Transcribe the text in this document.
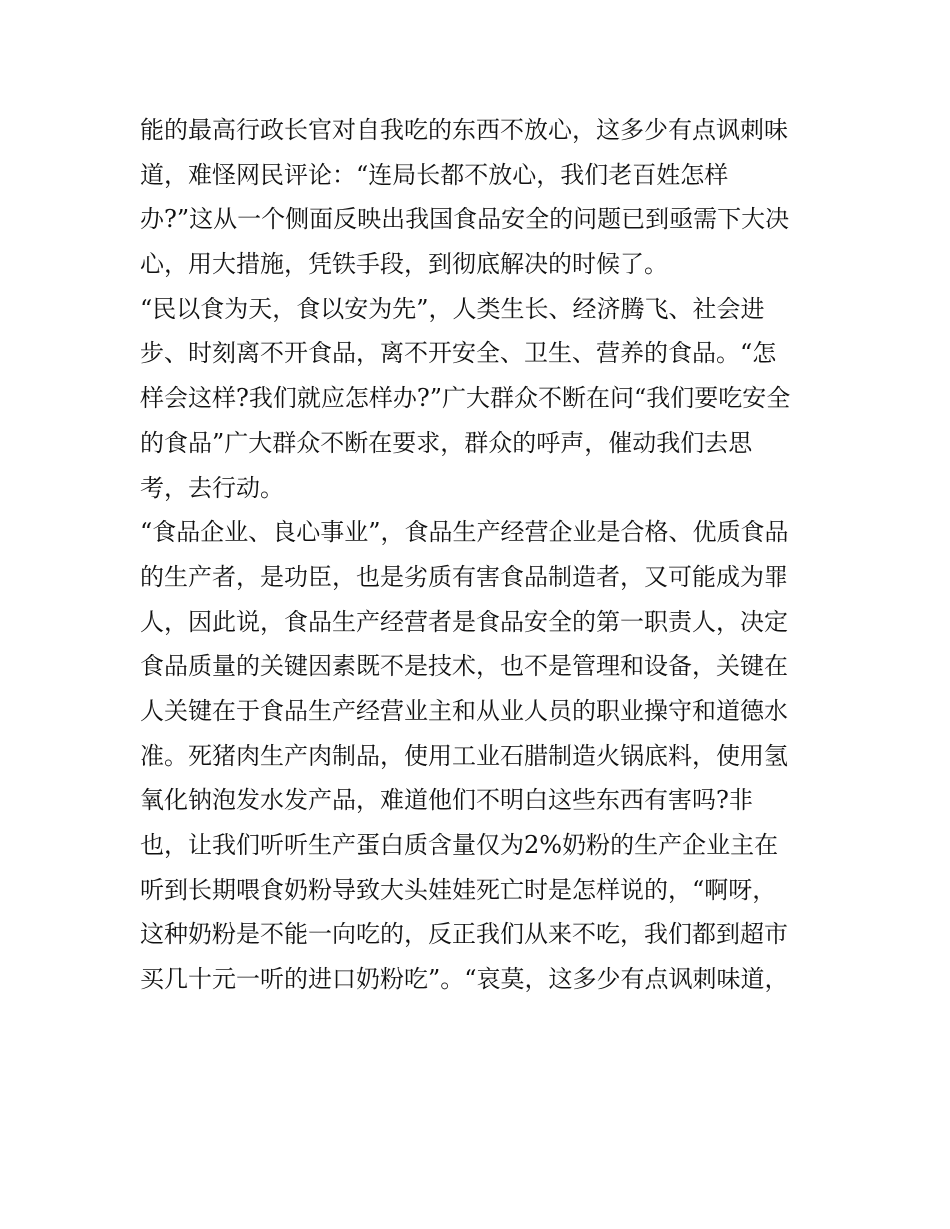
能的最高行政长官对自我吃的东西不放心，这多少有点讽刺味
道，难怪网民评论：“连局长都不放心，我们老百姓怎样
办?”这从一个侧面反映出我国食品安全的问题已到亟需下大决
心，用大措施，凭铁手段，到彻底解决的时候了。
“民以食为天，食以安为先”，人类生长、经济腾飞、社会进
步、时刻离不开食品，离不开安全、卫生、营养的食品。“怎
样会这样?我们就应怎样办?”广大群众不断在问“我们要吃安全
的食品”广大群众不断在要求，群众的呼声，催动我们去思
考，去行动。
“食品企业、良心事业”，食品生产经营企业是合格、优质食品
的生产者，是功臣，也是劣质有害食品制造者，又可能成为罪
人，因此说，食品生产经营者是食品安全的第一职责人，决定
食品质量的关键因素既不是技术，也不是管理和设备，关键在
人关键在于食品生产经营业主和从业人员的职业操守和道德水
准。死猪肉生产肉制品，使用工业石腊制造火锅底料，使用氢
氧化钠泡发水发产品，难道他们不明白这些东西有害吗?非
也，让我们听听生产蛋白质含量仅为2%奶粉的生产企业主在
听到长期喂食奶粉导致大头娃娃死亡时是怎样说的，“啊呀，
这种奶粉是不能一向吃的，反正我们从来不吃，我们都到超市
买几十元一听的进口奶粉吃”。“哀莫，这多少有点讽刺味道，
